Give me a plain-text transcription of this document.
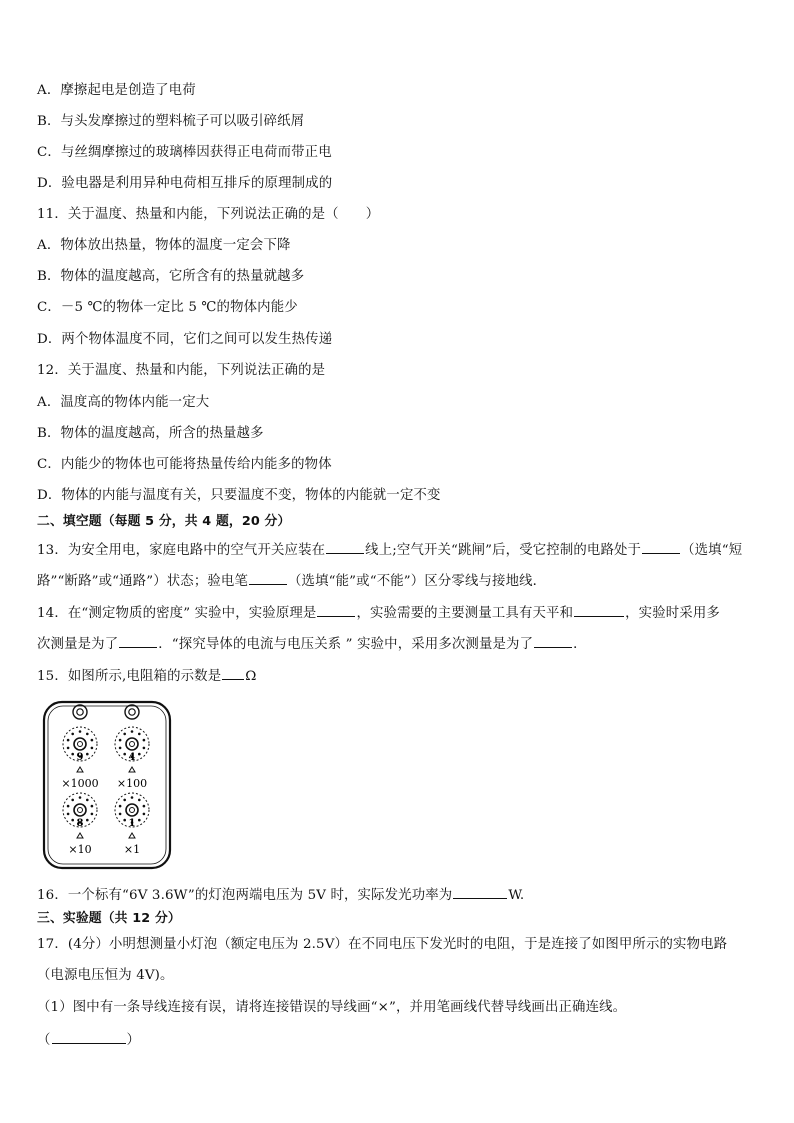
A．摩擦起电是创造了电荷
B．与头发摩擦过的塑料梳子可以吸引碎纸屑
C．与丝绸摩擦过的玻璃棒因获得正电荷而带正电
D．验电器是利用异种电荷相互排斥的原理制成的
11．关于温度、热量和内能，下列说法正确的是（　　）
A．物体放出热量，物体的温度一定会下降
B．物体的温度越高，它所含有的热量就越多
C．－5 ℃的物体一定比 5 ℃的物体内能少
D．两个物体温度不同，它们之间可以发生热传递
12．关于温度、热量和内能，下列说法正确的是
A．温度高的物体内能一定大
B．物体的温度越高，所含的热量越多
C．内能少的物体也可能将热量传给内能多的物体
D．物体的内能与温度有关，只要温度不变，物体的内能就一定不变
二、填空题（每题 5 分，共 4 题，20 分）
13．为安全用电，家庭电路中的空气开关应装在	线上;空气开关“跳闸”后，受它控制的电路处于	（选填“短
路”“断路”或“通路”）状态；验电笔	（选填“能”或“不能”）区分零线与接地线．
14．在“测定物质的密度” 实验中，实验原理是	，实验需要的主要测量工具有天平和	，实验时采用多
次测量是为了	．“探究导体的电流与电压关系 ” 实验中，采用多次测量是为了	．
15．如图所示,电阻箱的示数是 Ω
9
×1000
4
×100
8
×10
1
×1
16．一个标有“6V 3.6W”的灯泡两端电压为 5V 时，实际发光功率为	W.
三、实验题（共 12 分）
17．(4分）小明想测量小灯泡（额定电压为 2.5V）在不同电压下发光时的电阻，于是连接了如图甲所示的实物电路
（电源电压恒为 4V)。
（1）图中有一条导线连接有误，请将连接错误的导线画“×”，并用笔画线代替导线画出正确连线。
（	）
